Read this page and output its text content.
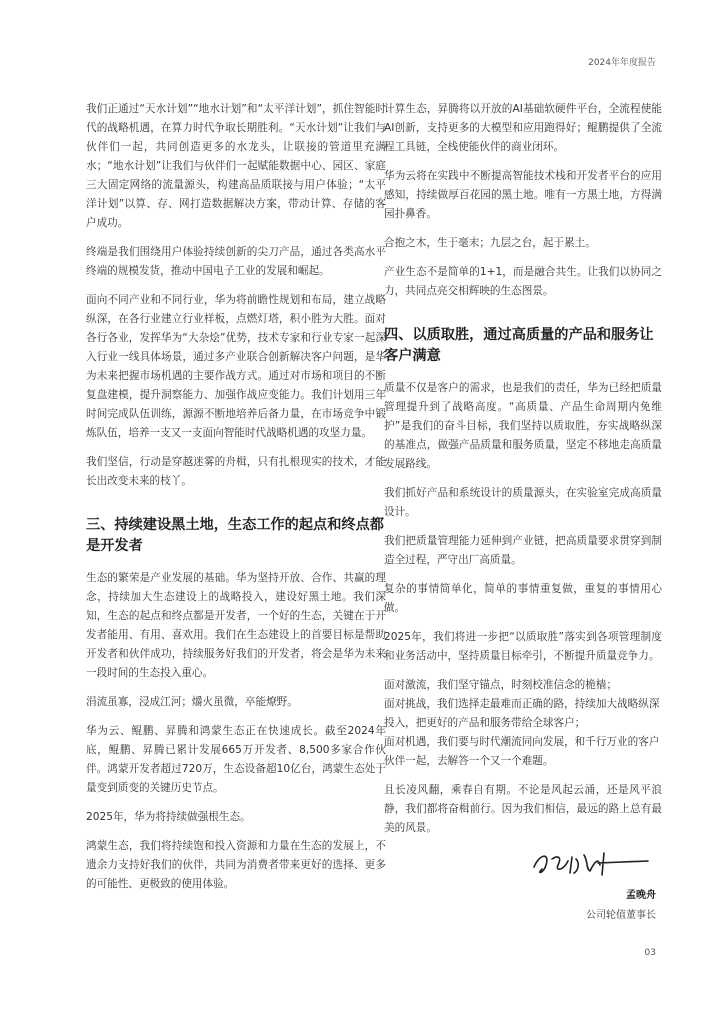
2024年年度报告

我们正通过“天水计划”“地水计划”和“太平洋计划”，抓住智能时代的战略机遇，在算力时代争取长期胜利。“天水计划”让我们与伙伴们一起，共同创造更多的水龙头，让联接的管道里充满水；“地水计划”让我们与伙伴们一起赋能数据中心、园区、家庭三大固定网络的流量源头，构建高品质联接与用户体验；“太平洋计划”以算、存、网打造数据解决方案，带动计算、存储的客户成功。

终端是我们围绕用户体验持续创新的尖刀产品，通过各类高水平终端的规模发货，推动中国电子工业的发展和崛起。

面向不同产业和不同行业，华为将前瞻性规划和布局，建立战略纵深，在各行业建立行业样板，点燃灯塔，积小胜为大胜。面对各行各业，发挥华为“大杂烩”优势，技术专家和行业专家一起深入行业一线具体场景，通过多产业联合创新解决客户问题，是华为未来把握市场机遇的主要作战方式。通过对市场和项目的不断复盘建模，提升洞察能力、加强作战应变能力。我们计划用三年时间完成队伍训练，源源不断地培养后备力量，在市场竞争中锻炼队伍，培养一支又一支面向智能时代战略机遇的攻坚力量。

我们坚信，行动是穿越迷雾的舟楫，只有扎根现实的技术，才能长出改变未来的枝丫。

三、持续建设黑土地，生态工作的起点和终点都是开发者

生态的繁荣是产业发展的基础。华为坚持开放、合作、共赢的理念，持续加大生态建设上的战略投入，建设好黑土地。我们深知，生态的起点和终点都是开发者，一个好的生态，关键在于开发者能用、有用、喜欢用。我们在生态建设上的首要目标是帮助开发者和伙伴成功，持续服务好我们的开发者，将会是华为未来一段时间的生态投入重心。

涓流虽寡，浸成江河；爝火虽微，卒能燎野。

华为云、鲲鹏、昇腾和鸿蒙生态正在快速成长。截至2024年底，鲲鹏、昇腾已累计发展665万开发者、8,500多家合作伙伴。鸿蒙开发者超过720万，生态设备超10亿台，鸿蒙生态处于量变到质变的关键历史节点。

2025年，华为将持续做强根生态。

鸿蒙生态，我们将持续饱和投入资源和力量在生态的发展上，不遗余力支持好我们的伙伴，共同为消费者带来更好的选择、更多的可能性、更极致的使用体验。

计算生态，昇腾将以开放的AI基础软硬件平台，全流程使能AI创新，支持更多的大模型和应用跑得好；鲲鹏提供了全流程工具链，全栈使能伙伴的商业闭环。

华为云将在实践中不断提高智能技术栈和开发者平台的应用感知，持续做厚百花园的黑土地。唯有一方黑土地，方得满园扑鼻香。

合抱之木，生于毫末；九层之台，起于累土。

产业生态不是简单的1+1，而是融合共生。让我们以协同之力，共同点亮交相辉映的生态图景。

四、以质取胜，通过高质量的产品和服务让客户满意

质量不仅是客户的需求，也是我们的责任，华为已经把质量管理提升到了战略高度。“高质量、产品生命周期内免维护”是我们的奋斗目标，我们坚持以质取胜，夯实战略纵深的基准点，做强产品质量和服务质量，坚定不移地走高质量发展路线。

我们抓好产品和系统设计的质量源头，在实验室完成高质量设计。

我们把质量管理能力延伸到产业链，把高质量要求贯穿到制造全过程，严守出厂高质量。

复杂的事情简单化，简单的事情重复做，重复的事情用心做。

2025年，我们将进一步把“以质取胜”落实到各项管理制度和业务活动中，坚持质量目标牵引，不断提升质量竞争力。

面对激流，我们坚守锚点，时刻校准信念的桅樯；

面对挑战，我们选择走最难而正确的路，持续加大战略纵深投入，把更好的产品和服务带给全球客户；

面对机遇，我们要与时代潮流同向发展，和千行万业的客户伙伴一起，去解答一个又一个难题。

且长凌风翻，乘春自有期。不论是风起云涌，还是风平浪静，我们都将奋楫前行。因为我们相信，最远的路上总有最美的风景。

孟晚舟
公司轮值董事长
03
